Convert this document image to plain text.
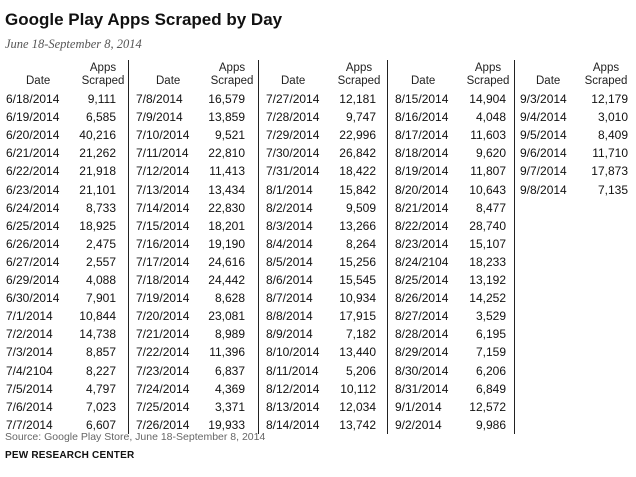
Google Play Apps Scraped by Day
June 18-September 8, 2014
Date
Apps
Scraped
6/18/2014 9,111
6/19/2014 6,585
6/20/2014 40,216
6/21/2014 21,262
6/22/2014 21,918
6/23/2014 21,101
6/24/2014 8,733
6/25/2014 18,925
6/26/2014 2,475
6/27/2014 2,557
6/29/2014 4,088
6/30/2014 7,901
7/1/2014 10,844
7/2/2014 14,738
7/3/2014	8,857
7/4/2104	8,227
7/5/2014	4,797
7/6/2014	7,023
7/7/2014	6,607
Date
Apps
Scraped
7/8/2014 16,579
7/9/2014 13,859
7/10/2014 9,521
7/11/2014 22,810
7/12/2014 11,413
7/13/2014 13,434
7/14/2014 22,830
7/15/2014 18,201
7/16/2014 19,190
7/17/2014 24,616
7/18/2014 24,442
7/19/2014 8,628
7/20/2014 23,081
7/21/2014 8,989
7/22/2014 11,396
7/23/2014 6,837
7/24/2014 4,369
7/25/2014 3,371
7/26/2014 19,933
Date
Apps
Scraped
7/27/2014 12,181
7/28/2014 9,747
7/29/2014 22,996
7/30/2014 26,842
7/31/2014 18,422
8/1/2014 15,842
8/2/2014	9,509
8/3/2014 13,266
8/4/2014	8,264
8/5/2014 15,256
8/6/2014 15,545
8/7/2014 10,934
8/8/2014 17,915
8/9/2014	7,182
8/10/2014 13,440
8/11/2014 5,206
8/12/2014 10,112
8/13/2014 12,034
8/14/2014 13,742
Date
Apps
Scraped
8/15/2014 14,904
8/16/2014 4,048
8/17/2014 11,603
8/18/2014 9,620
8/19/2014 11,807
8/20/2014 10,643
8/21/2014 8,477
8/22/2014 28,740
8/23/2014 15,107
8/24/2104 18,233
8/25/2014 13,192
8/26/2014 14,252
8/27/2014 3,529
8/28/2014 6,195
8/29/2014 7,159
8/30/2014 6,206
8/31/2014 6,849
9/1/2014 12,572
9/2/2014	9,986
Date
Apps
Scraped
9/3/2014 12,179
9/4/2014	3,010
9/5/2014	8,409
9/6/2014 11,710
9/7/2014 17,873
9/8/2014	7,135
Source: Google Play Store, June 18-September 8, 2014
PEW RESEARCH CENTER
